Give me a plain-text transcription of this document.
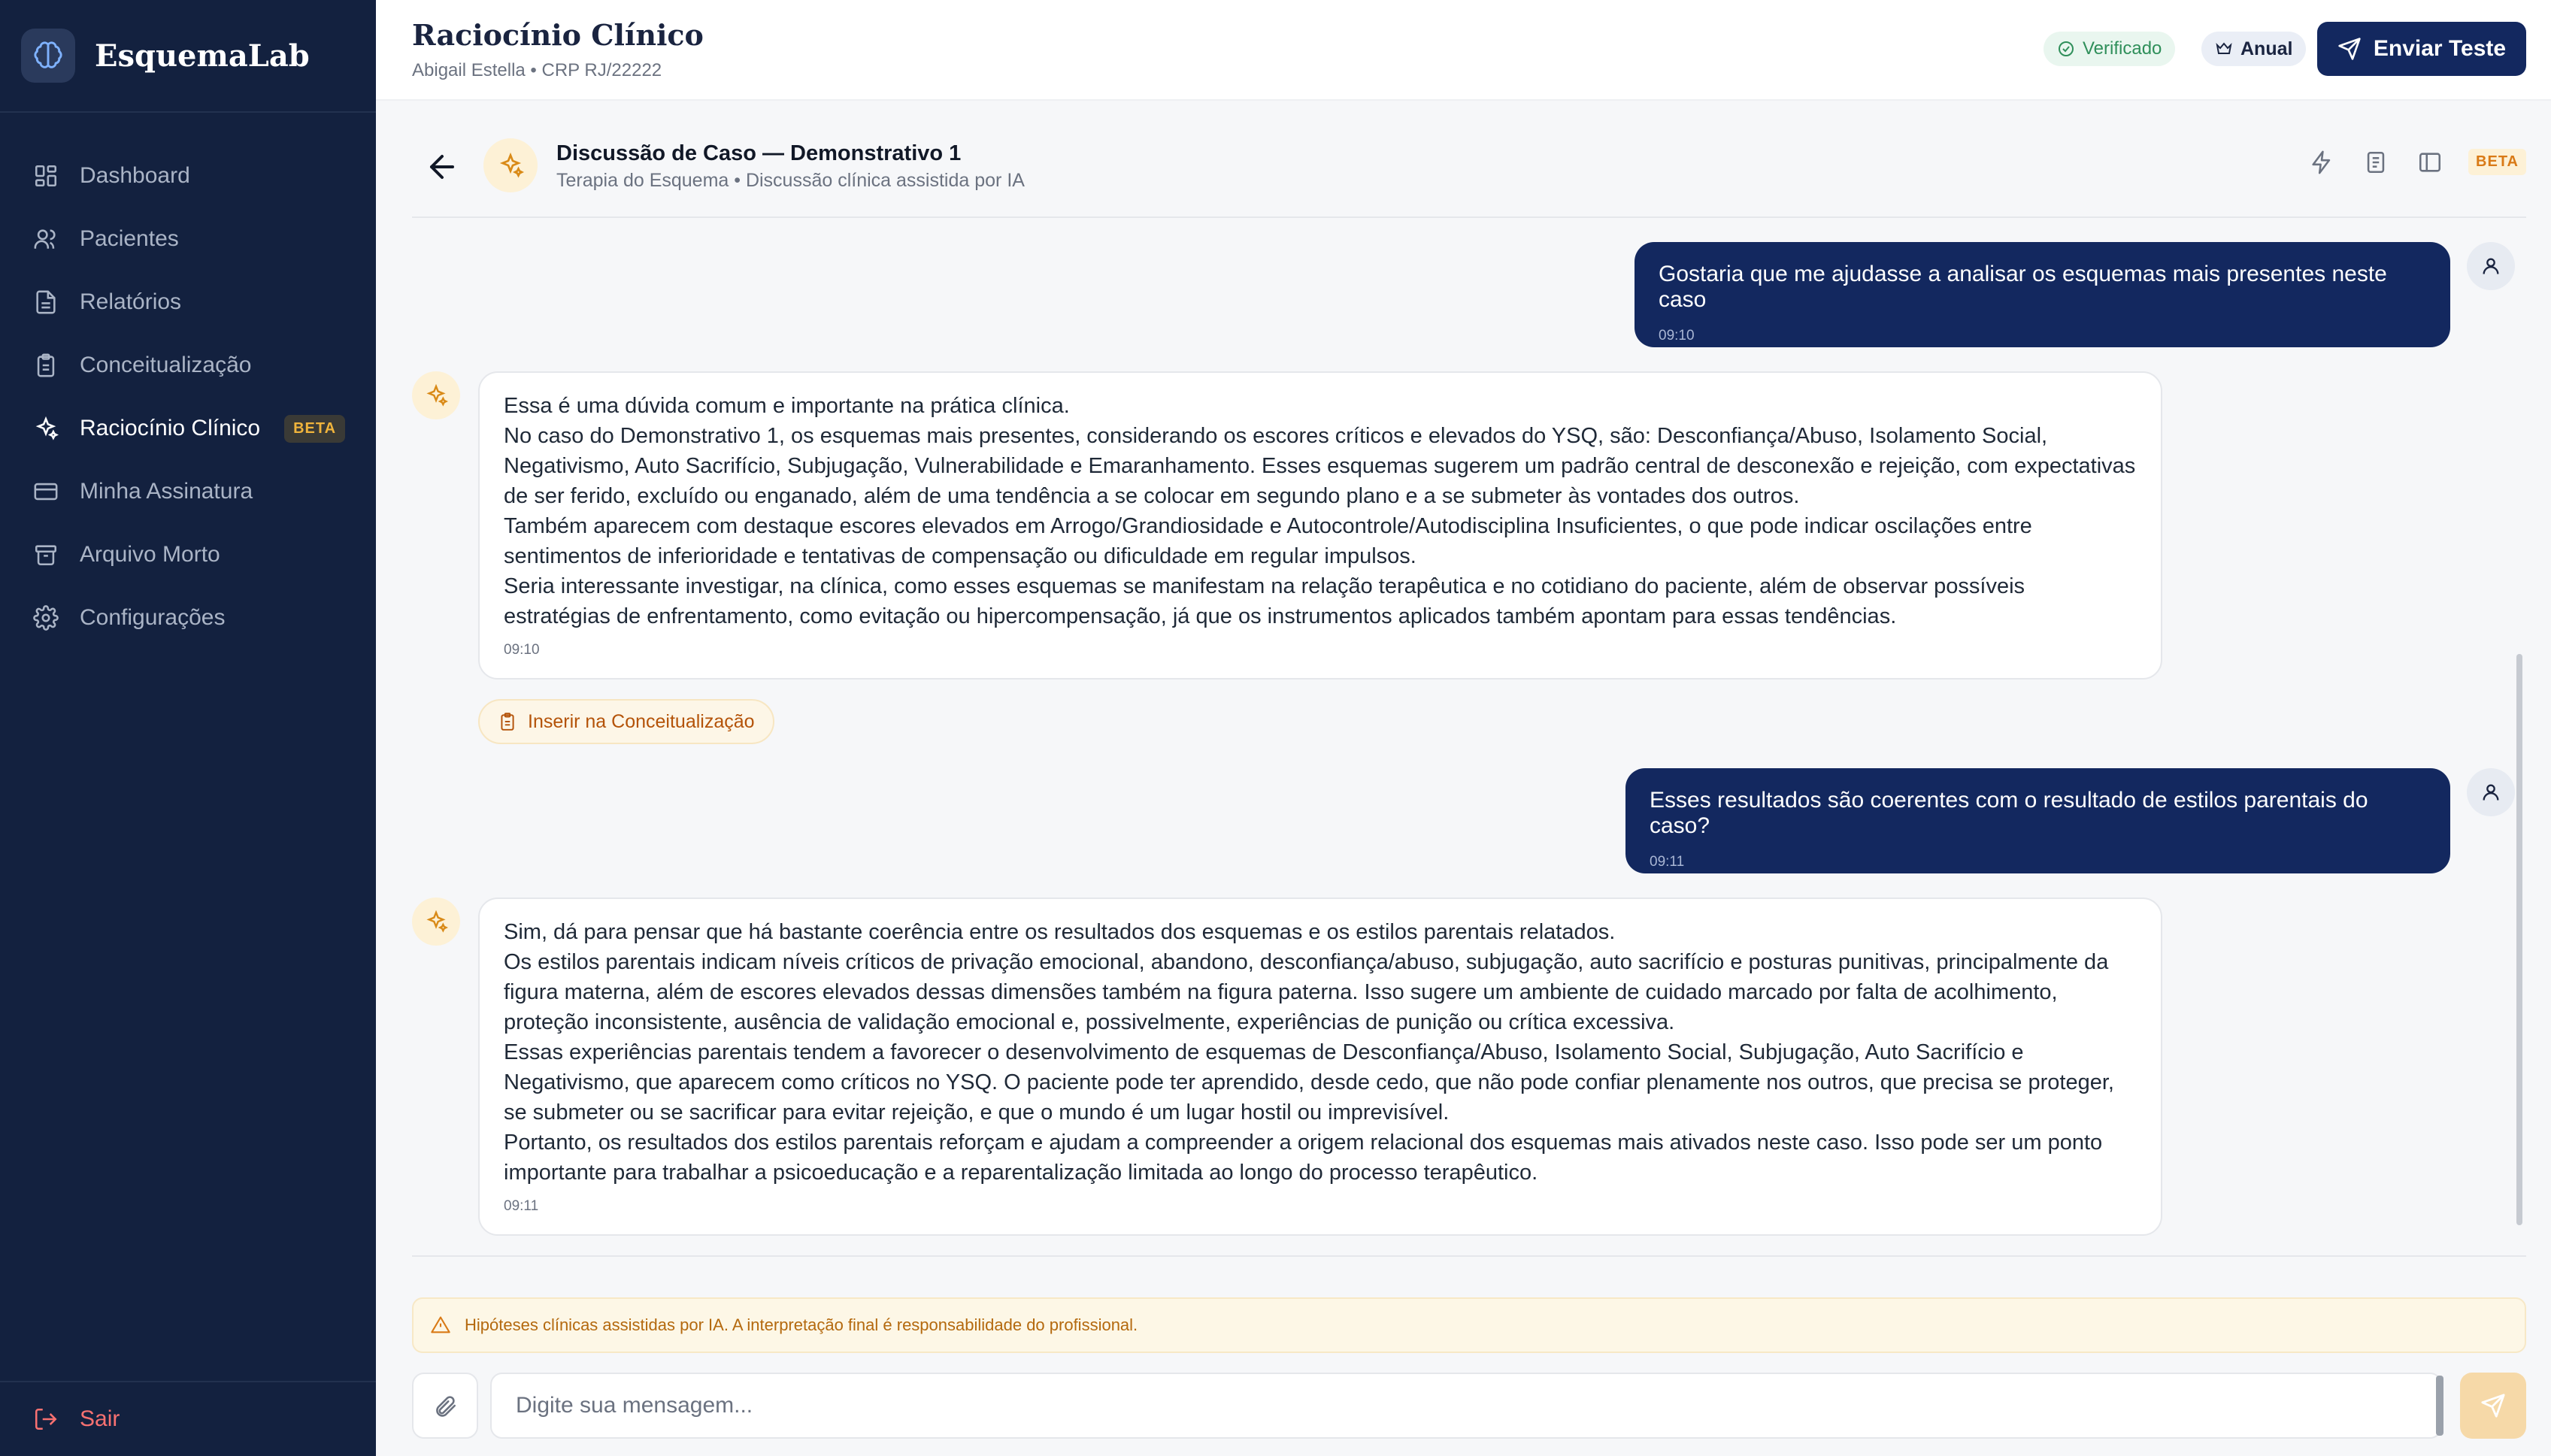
EsquemaLab
Dashboard
Pacientes
Relatórios
Conceitualização
Raciocínio Clínico	BETA
Minha Assinatura
Arquivo Morto
Configurações
Sair
Raciocínio Clínico
Abigail Estella • CRP RJ/22222
Verificado	Anual	Enviar Teste
Discussão de Caso — Demonstrativo 1
Terapia do Esquema • Discussão clínica assistida por IA
BETA
Gostaria que me ajudasse a analisar os esquemas mais presentes neste caso
09:10
Essa é uma dúvida comum e importante na prática clínica.
No caso do Demonstrativo 1, os esquemas mais presentes, considerando os escores críticos e elevados do YSQ, são: Desconfiança/Abuso, Isolamento Social, Negativismo, Auto Sacrifício, Subjugação, Vulnerabilidade e Emaranhamento. Esses esquemas sugerem um padrão central de desconexão e rejeição, com expectativas de ser ferido, excluído ou enganado, além de uma tendência a se colocar em segundo plano e a se submeter às vontades dos outros.
Também aparecem com destaque escores elevados em Arrogo/Grandiosidade e Autocontrole/Autodisciplina Insuficientes, o que pode indicar oscilações entre sentimentos de inferioridade e tentativas de compensação ou dificuldade em regular impulsos.
Seria interessante investigar, na clínica, como esses esquemas se manifestam na relação terapêutica e no cotidiano do paciente, além de observar possíveis estratégias de enfrentamento, como evitação ou hipercompensação, já que os instrumentos aplicados também apontam para essas tendências.
09:10
Inserir na Conceitualização
Esses resultados são coerentes com o resultado de estilos parentais do caso?
09:11
Sim, dá para pensar que há bastante coerência entre os resultados dos esquemas e os estilos parentais relatados.
Os estilos parentais indicam níveis críticos de privação emocional, abandono, desconfiança/abuso, subjugação, auto sacrifício e posturas punitivas, principalmente da figura materna, além de escores elevados dessas dimensões também na figura paterna. Isso sugere um ambiente de cuidado marcado por falta de acolhimento, proteção inconsistente, ausência de validação emocional e, possivelmente, experiências de punição ou crítica excessiva.
Essas experiências parentais tendem a favorecer o desenvolvimento de esquemas de Desconfiança/Abuso, Isolamento Social, Subjugação, Auto Sacrifício e Negativismo, que aparecem como críticos no YSQ. O paciente pode ter aprendido, desde cedo, que não pode confiar plenamente nos outros, que precisa se proteger, se submeter ou se sacrificar para evitar rejeição, e que o mundo é um lugar hostil ou imprevisível.
Portanto, os resultados dos estilos parentais reforçam e ajudam a compreender a origem relacional dos esquemas mais ativados neste caso. Isso pode ser um ponto importante para trabalhar a psicoeducação e a reparentalização limitada ao longo do processo terapêutico.
09:11
Hipóteses clínicas assistidas por IA. A interpretação final é responsabilidade do profissional.
Digite sua mensagem...
